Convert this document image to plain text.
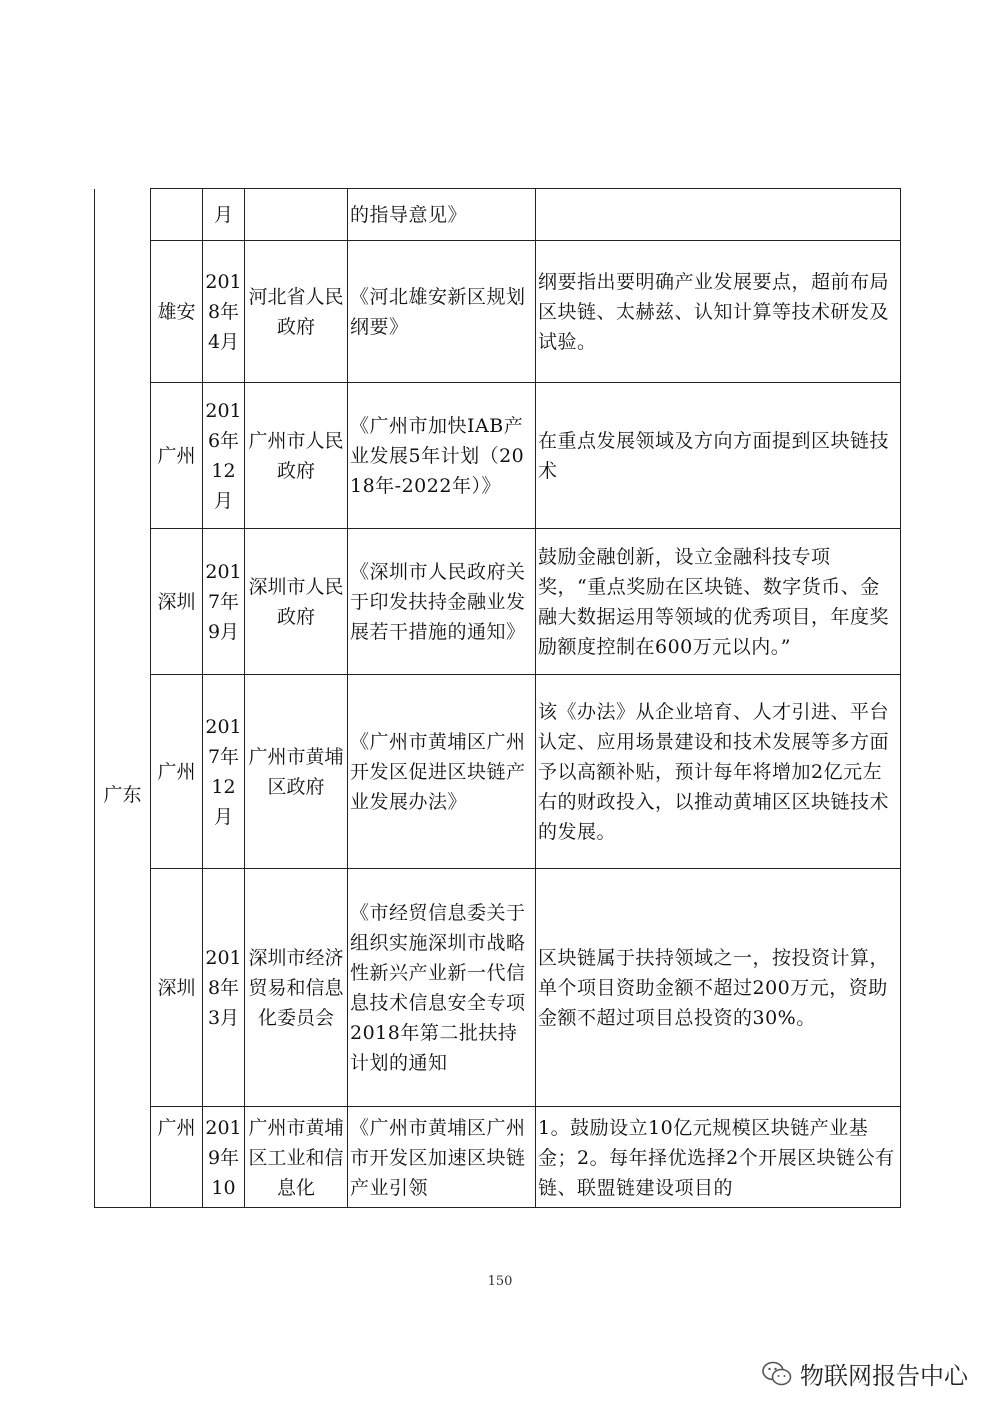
		月		的指导意见》	
	雄安	2018年4月	河北省人民政府	《河北雄安新区规划纲要》	纲要指出要明确产业发展要点，超前布局区块链、太赫兹、认知计算等技术研发及试验。
广东	广州	2016年12月	广州市人民政府	《广州市加快IAB产业发展5年计划（2018年-2022年）》	在重点发展领域及方向方面提到区块链技术
	深圳	2017年9月	深圳市人民政府	《深圳市人民政府关于印发扶持金融业发展若干措施的通知》	鼓励金融创新，设立金融科技专项奖，“重点奖励在区块链、数字货币、金融大数据运用等领域的优秀项目，年度奖励额度控制在600万元以内。”
	广州	2017年12月	广州市黄埔区政府	《广州市黄埔区广州开发区促进区块链产业发展办法》	该《办法》从企业培育、人才引进、平台认定、应用场景建设和技术发展等多方面予以高额补贴，预计每年将增加2亿元左右的财政投入，以推动黄埔区区块链技术的发展。
	深圳	2018年3月	深圳市经济贸易和信息化委员会	《市经贸信息委关于组织实施深圳市战略性新兴产业新一代信息技术信息安全专项2018年第二批扶持计划的通知	区块链属于扶持领域之一，按投资计算，单个项目资助金额不超过200万元，资助金额不超过项目总投资的30%。

	广州	2019年10	广州市黄埔区工业和信息化	《广州市黄埔区广州市开发区加速区块链产业引领	1。鼓励设立10亿元规模区块链产业基金；2。每年择优选择2个开展区块链公有链、联盟链建设项目的
150
物联网报告中心
